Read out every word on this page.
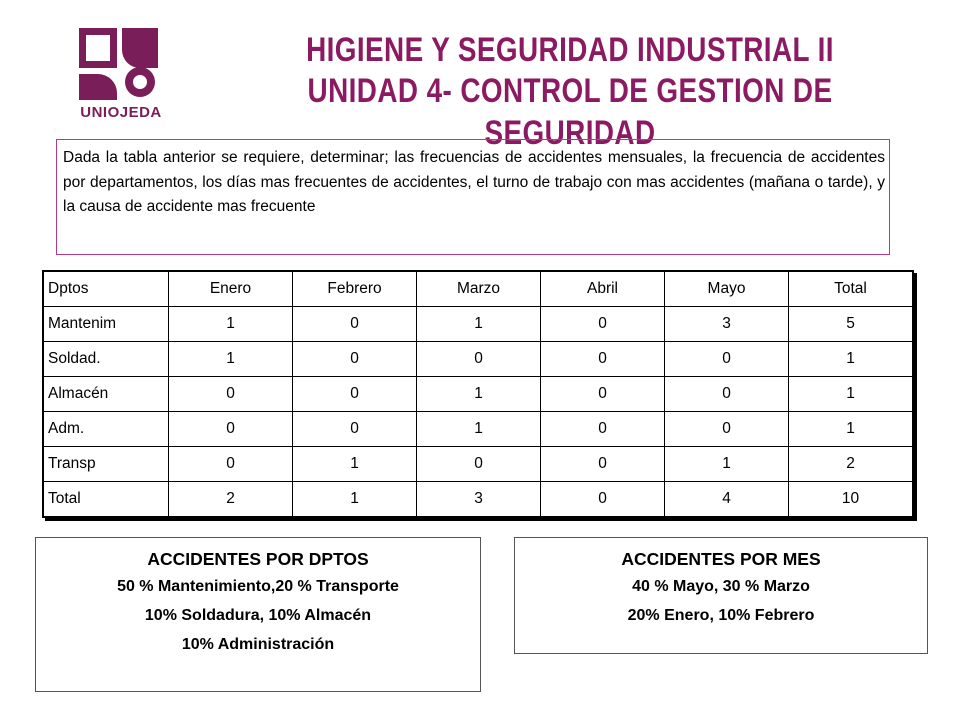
UNIOJEDA
HIGIENE Y SEGURIDAD INDUSTRIAL II
UNIDAD 4- CONTROL DE GESTION DE SEGURIDAD
Dada la tabla anterior se requiere, determinar; las frecuencias de accidentes mensuales, la frecuencia de accidentes por departamentos, los días mas frecuentes de accidentes, el turno de trabajo con mas accidentes (mañana o tarde), y la causa de accidente mas frecuente
Dptos	Enero	Febrero	Marzo	Abril	Mayo	Total
Mantenim	1	0	1	0	3	5
Soldad.	1	0	0	0	0	1
Almacén	0	0	1	0	0	1
Adm.	0	0	1	0	0	1
Transp	0	1	0	0	1	2
Total	2	1	3	0	4	10
ACCIDENTES POR DPTOS
50 % Mantenimiento,20 % Transporte
10% Soldadura, 10% Almacén
10% Administración
ACCIDENTES POR MES
40 % Mayo, 30 % Marzo
20% Enero, 10% Febrero
